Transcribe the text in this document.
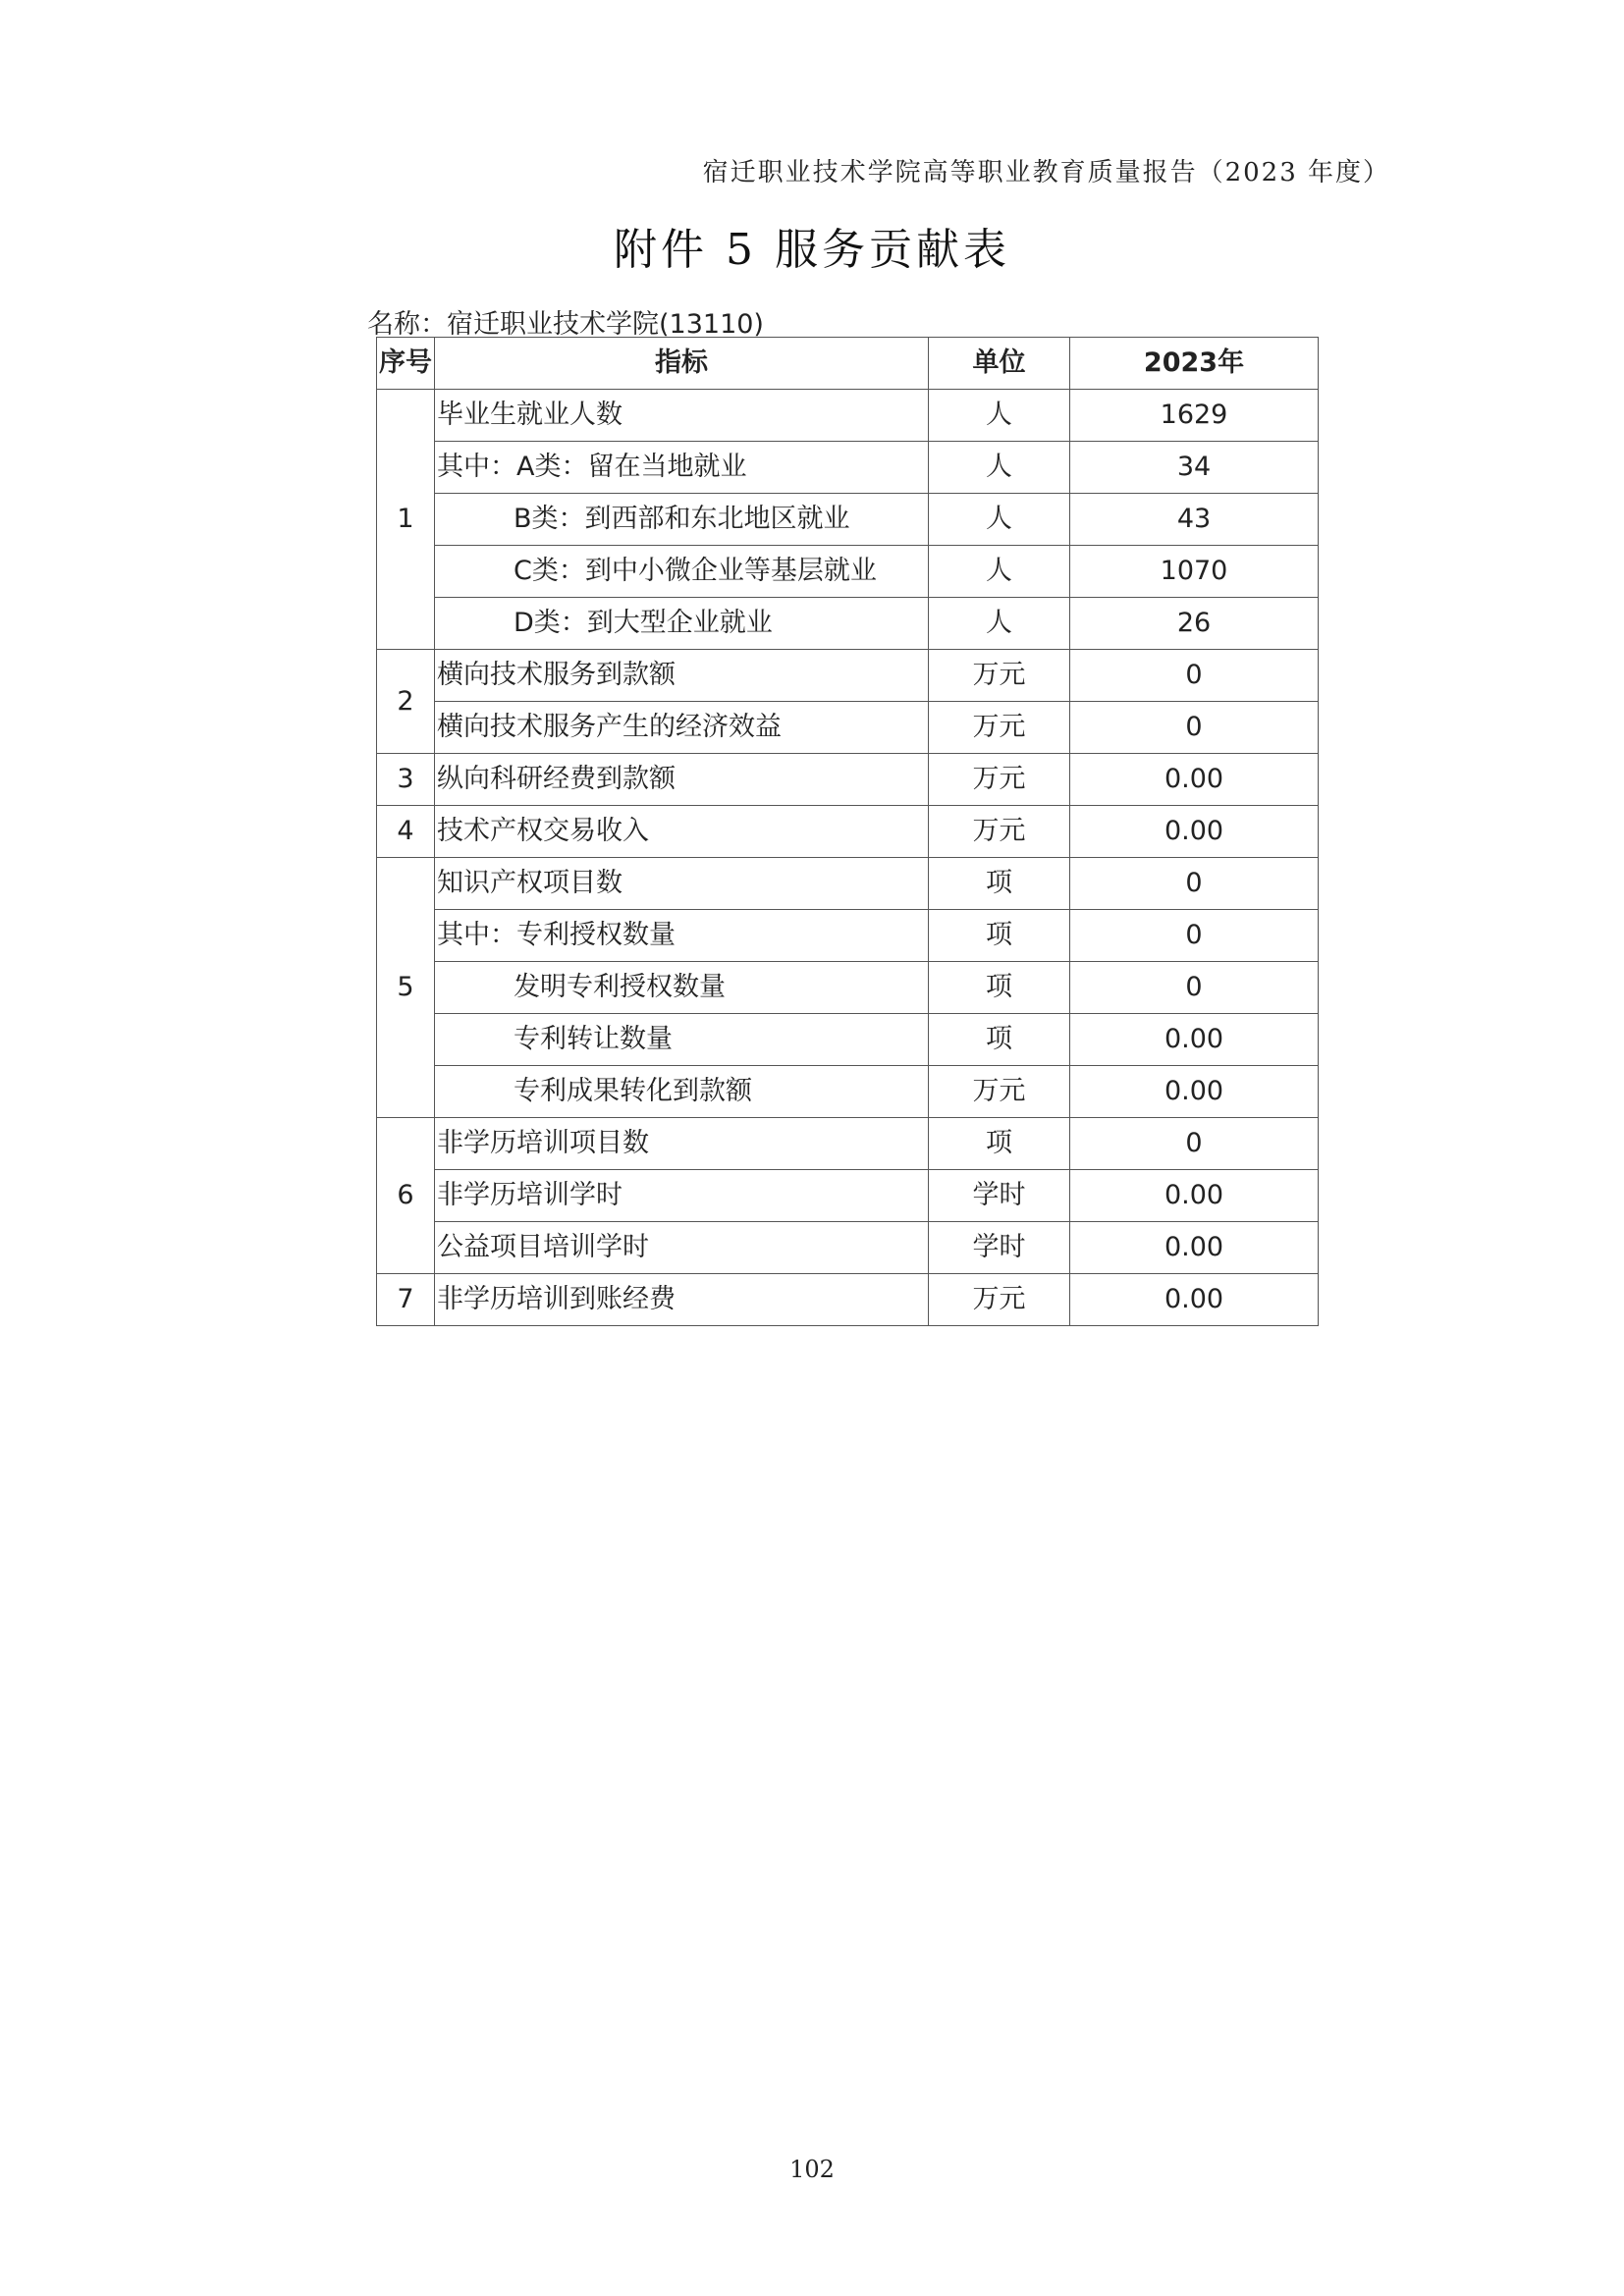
宿迁职业技术学院高等职业教育质量报告（2023 年度）
附件 5 服务贡献表
名称：宿迁职业技术学院(13110)
序号	指标	单位	2023年
1	毕业生就业人数	人	1629
	其中：A类：留在当地就业	人	34
	B类：到西部和东北地区就业	人	43
	C类：到中小微企业等基层就业	人	1070
	D类：到大型企业就业	人	26
2	横向技术服务到款额	万元	0
	横向技术服务产生的经济效益	万元	0
3	纵向科研经费到款额	万元	0.00
4	技术产权交易收入	万元	0.00
5	知识产权项目数	项	0
	其中：专利授权数量	项	0
	发明专利授权数量	项	0
	专利转让数量	项	0.00
	专利成果转化到款额	万元	0.00
6	非学历培训项目数	项	0
	非学历培训学时	学时	0.00
	公益项目培训学时	学时	0.00
7	非学历培训到账经费	万元	0.00
102
